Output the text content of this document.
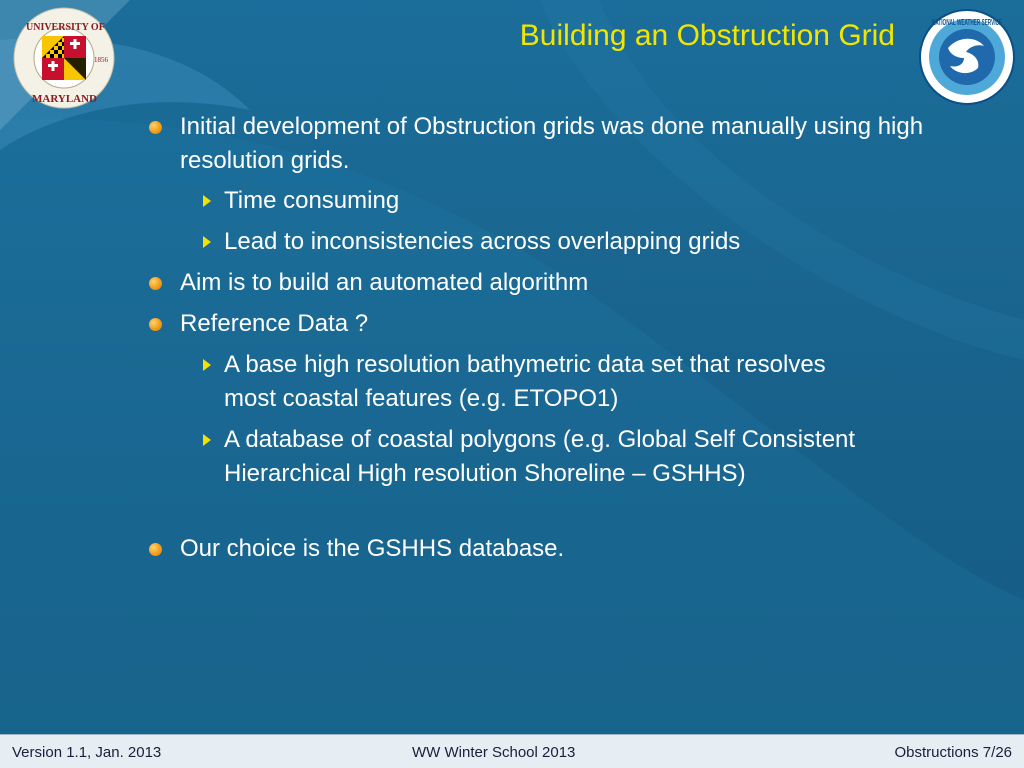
UNIVERSITY OF
MARYLAND
1856
Building an Obstruction Grid	NATIONAL WEATHER SERVICE
Initial development of Obstruction grids was done manually using high resolution grids.
Time consuming
Lead to inconsistencies across overlapping grids
Aim is to build an automated algorithm
Reference Data ?
A base high resolution bathymetric data set that resolves most coastal features (e.g. ETOPO1)
A database of coastal polygons (e.g. Global Self Consistent Hierarchical High resolution Shoreline – GSHHS)
Our choice is the GSHHS database.
Version 1.1, Jan. 2013	WW Winter School 2013	Obstructions 7/26
